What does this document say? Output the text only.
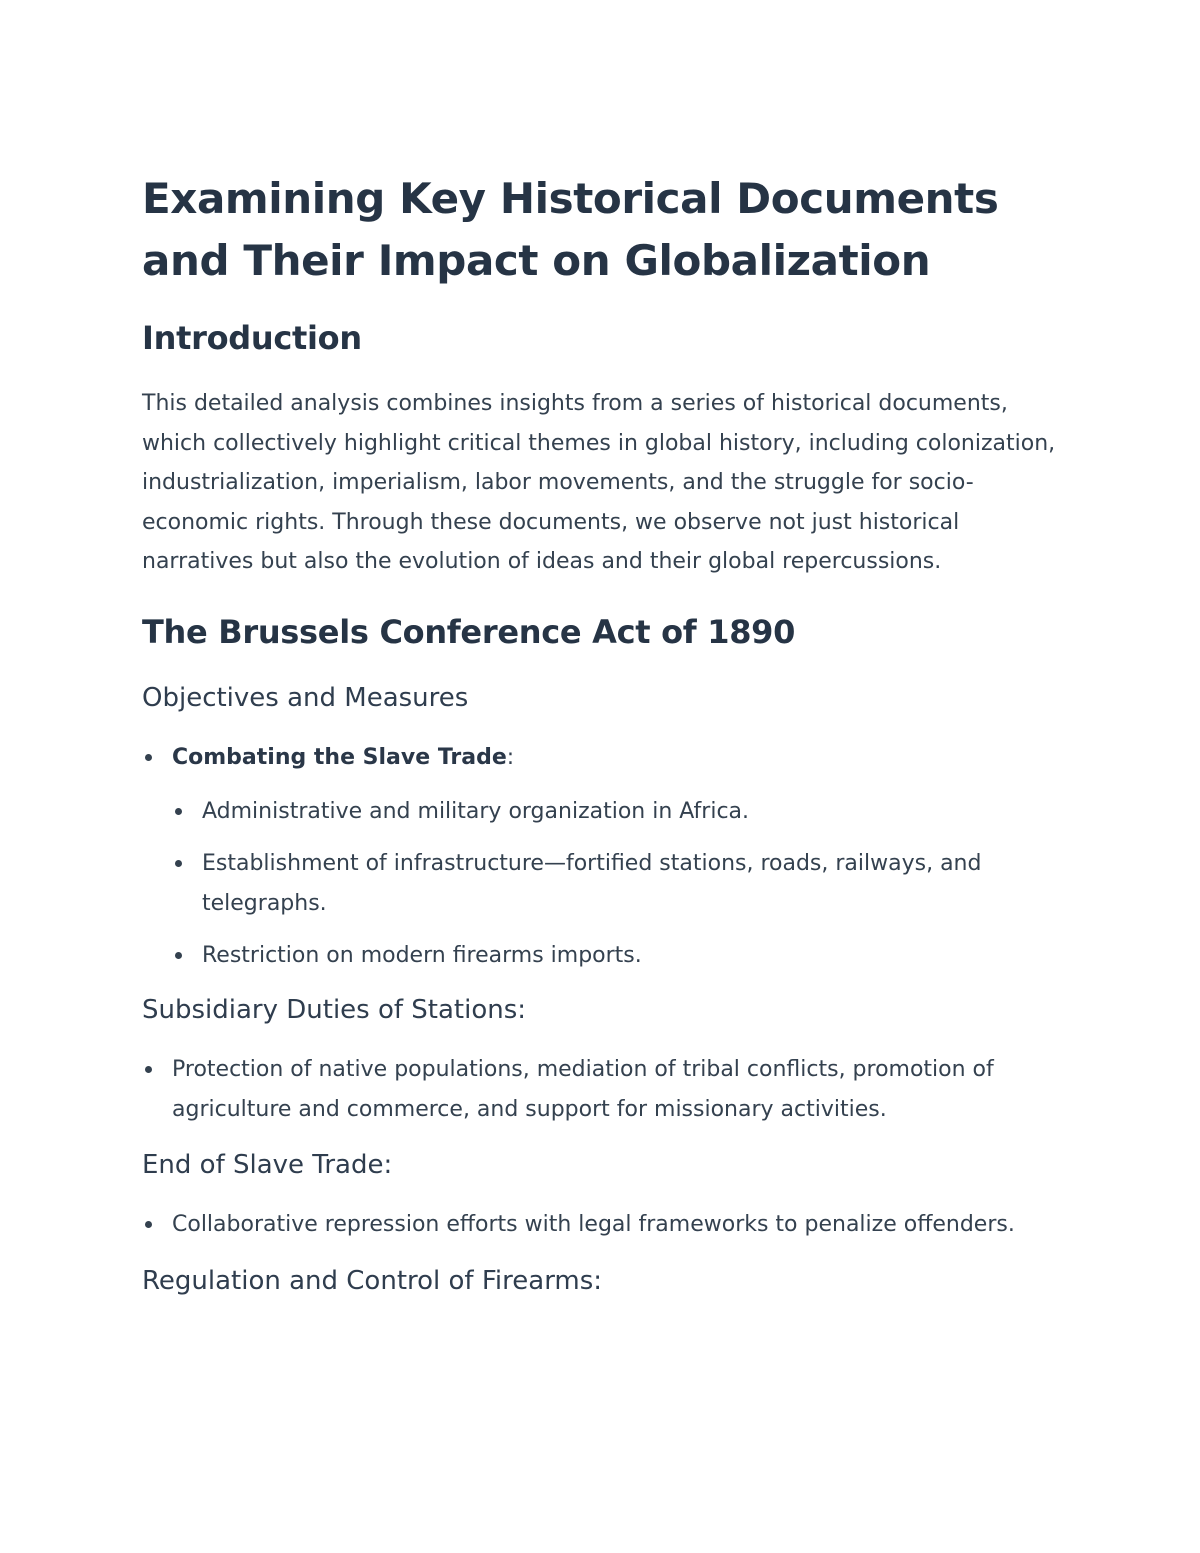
Examining Key Historical Documents and Their Impact on Globalization
Introduction

This detailed analysis combines insights from a series of historical documents, which collectively highlight critical themes in global history, including colonization, industrialization, imperialism, labor movements, and the struggle for socio-economic rights. Through these documents, we observe not just historical narratives but also the evolution of ideas and their global repercussions.

The Brussels Conference Act of 1890
Objectives and Measures
Combating the Slave Trade:
Administrative and military organization in Africa.
Establishment of infrastructure—fortified stations, roads, railways, and telegraphs.
Restriction on modern firearms imports.
Subsidiary Duties of Stations:
Protection of native populations, mediation of tribal conflicts, promotion of agriculture and commerce, and support for missionary activities.
End of Slave Trade:
Collaborative repression efforts with legal frameworks to penalize offenders.
Regulation and Control of Firearms:
